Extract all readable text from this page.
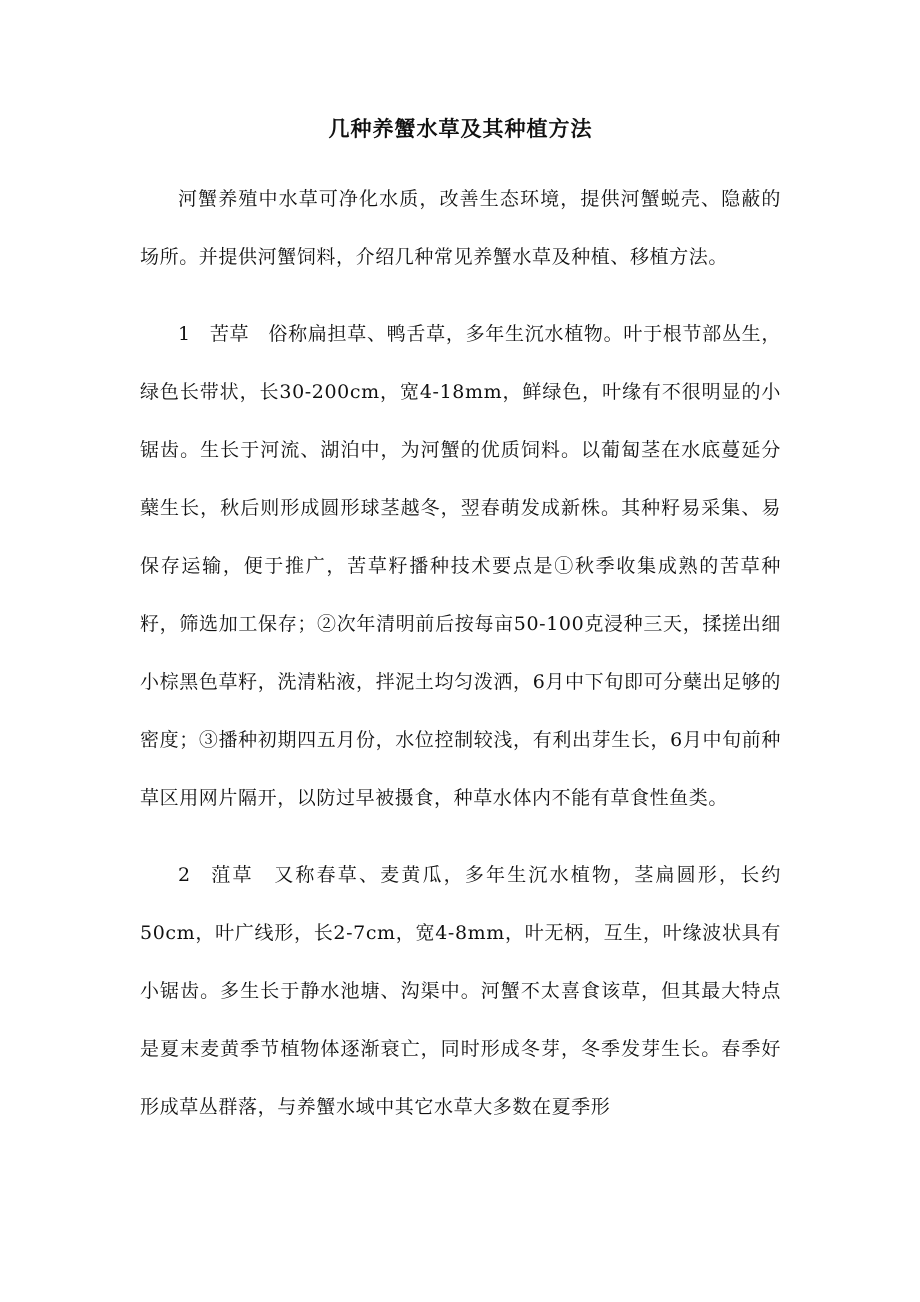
几种养蟹水草及其种植方法

河蟹养殖中水草可净化水质，改善生态环境，提供河蟹蜕壳、隐蔽的场所。并提供河蟹饲料，介绍几种常见养蟹水草及种植、移植方法。

1 苦草 俗称扁担草、鸭舌草，多年生沉水植物。叶于根节部丛生，绿色长带状，长30-200cm，宽4-18mm，鲜绿色，叶缘有不很明显的小锯齿。生长于河流、湖泊中，为河蟹的优质饲料。以葡匐茎在水底蔓延分蘖生长，秋后则形成圆形球茎越冬，翌春萌发成新株。其种籽易采集、易保存运输，便于推广，苦草籽播种技术要点是①秋季收集成熟的苦草种籽，筛选加工保存；②次年清明前后按每亩50-100克浸种三天，揉搓出细小棕黑色草籽，洗清粘液，拌泥土均匀泼洒，6月中下旬即可分蘖出足够的密度；③播种初期四五月份，水位控制较浅，有利出芽生长，6月中旬前种草区用网片隔开，以防过早被摄食，种草水体内不能有草食性鱼类。

2 菹草 又称春草、麦黄瓜，多年生沉水植物，茎扁圆形，长约50cm，叶广线形，长2-7cm，宽4-8mm，叶无柄，互生，叶缘波状具有小锯齿。多生长于静水池塘、沟渠中。河蟹不太喜食该草，但其最大特点是夏末麦黄季节植物体逐渐衰亡，同时形成冬芽，冬季发芽生长。春季好形成草丛群落，与养蟹水域中其它水草大多数在夏季形
